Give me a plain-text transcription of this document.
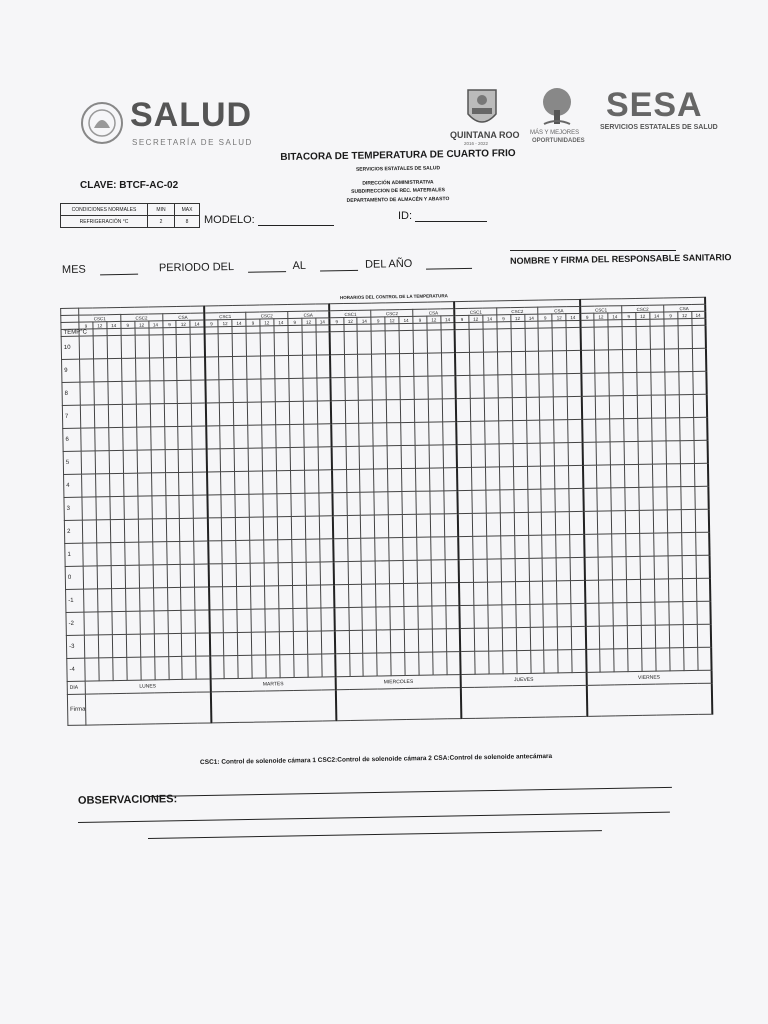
SALUD
SECRETARÍA DE SALUD
QUINTANA ROO
2016 - 2022
MÁS Y MEJORES
OPORTUNIDADES
SESA
SERVICIOS ESTATALES DE SALUD
BITACORA DE TEMPERATURA DE CUARTO FRIO
SERVICIOS ESTATALES DE SALUD
DIRECCIÓN ADMINISTRATIVA
SUBDIRECCION DE REC. MATERIALES
DEPARTAMENTO DE ALMACÉN Y ABASTO
CLAVE: BTCF-AC-02
CONDICIONES NORMALES	MIN	MAX
REFRIGERACIÓN °C	2	8 MODELO:	ID:
NOMBRE Y FIRMA DEL RESPONSABLE SANITARIO
MES	PERIODO DEL	AL	DEL AÑO
HORARIOS DEL CONTROL DE LA TEMPERATURA

	CSC1			CSC2			CSA			CSC1			CSC2			CSA			CSC1			CSC2			CSA			CSC1			CSC2			CSA			CSC1			CSC2			CSA		
	9	12	14	9	12	14	9	12	14	9	12	14	9	12	14	9	12	14	9	12	14	9	12	14	9	12	14	9	12	14	9	12	14	9	12	14	9	12	14	9	12	14	9	12	14
TEMP°C																																													
10																																													
9																																													
8																																													
7																																													
6																																													
5																																													
4																																													
3																																													
2																																													
1																																													
0																																													
-1																																													
-2																																													
-3																																													
-4																																													
DIA	LUNES									MARTES									MIERCOLES									JUEVES									VIERNES								
Firma																																													
CSC1: Control de solenoide cámara 1 CSC2:Control de solenoide cámara 2 CSA:Control de solenoide antecámara
OBSERVACIONES:
